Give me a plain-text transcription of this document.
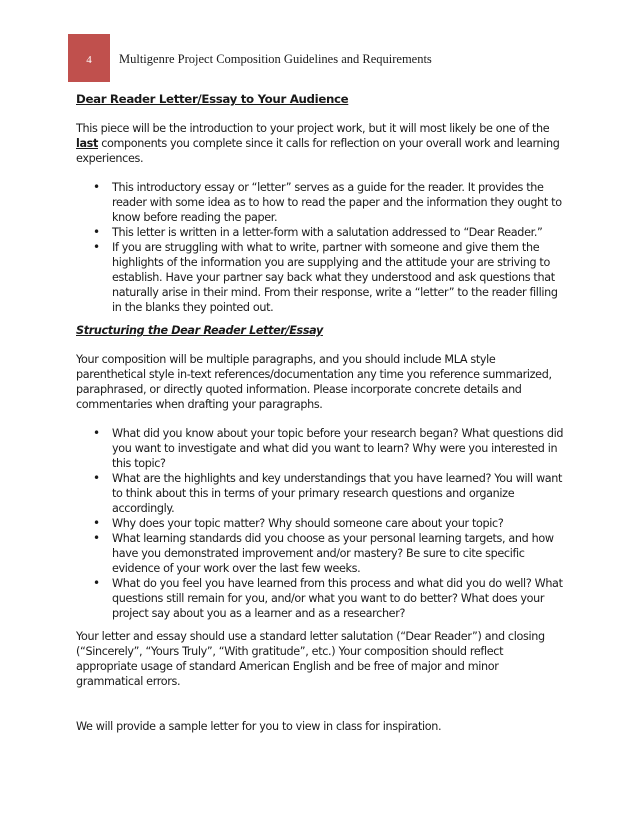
4	Multigenre Project Composition Guidelines and Requirements
Dear Reader Letter/Essay to Your Audience

This piece will be the introduction to your project work, but it will most likely be one of the last components you complete since it calls for reflection on your overall work and learning experiences.

• This introductory essay or “letter” serves as a guide for the reader. It provides the reader with some idea as to how to read the paper and the information they ought to know before reading the paper.
• This letter is written in a letter-form with a salutation addressed to “Dear Reader.”
• If you are struggling with what to write, partner with someone and give them the highlights of the information you are supplying and the attitude your are striving to establish. Have your partner say back what they understood and ask questions that naturally arise in their mind. From their response, write a “letter” to the reader filling in the blanks they pointed out.
Structuring the Dear Reader Letter/Essay

Your composition will be multiple paragraphs, and you should include MLA style parenthetical style in-text references/documentation any time you reference summarized, paraphrased, or directly quoted information. Please incorporate concrete details and commentaries when drafting your paragraphs.

• What did you know about your topic before your research began? What questions did you want to investigate and what did you want to learn? Why were you interested in this topic?
• What are the highlights and key understandings that you have learned? You will want to think about this in terms of your primary research questions and organize accordingly.
• Why does your topic matter? Why should someone care about your topic?
• What learning standards did you choose as your personal learning targets, and how have you demonstrated improvement and/or mastery? Be sure to cite specific evidence of your work over the last few weeks.
• What do you feel you have learned from this process and what did you do well? What questions still remain for you, and/or what you want to do better? What does your project say about you as a learner and as a researcher?

Your letter and essay should use a standard letter salutation (“Dear Reader”) and closing (“Sincerely”, “Yours Truly”, “With gratitude”, etc.) Your composition should reflect appropriate usage of standard American English and be free of major and minor grammatical errors.

We will provide a sample letter for you to view in class for inspiration.
